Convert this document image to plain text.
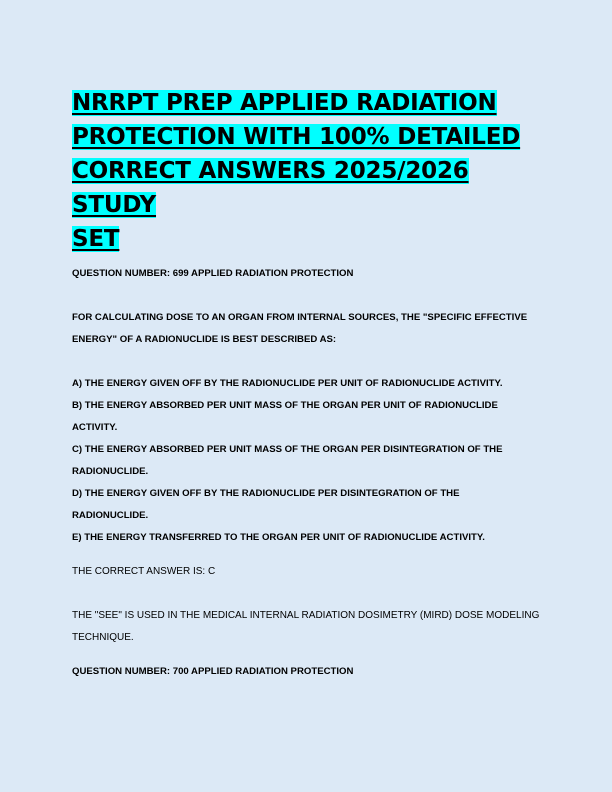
NRRPT PREP APPLIED RADIATION
PROTECTION WITH 100% DETAILED
CORRECT ANSWERS 2025/2026 STUDY
SET
QUESTION NUMBER: 699 APPLIED RADIATION PROTECTION
FOR CALCULATING DOSE TO AN ORGAN FROM INTERNAL SOURCES, THE "SPECIFIC EFFECTIVE
ENERGY" OF A RADIONUCLIDE IS BEST DESCRIBED AS:
A) THE ENERGY GIVEN OFF BY THE RADIONUCLIDE PER UNIT OF RADIONUCLIDE ACTIVITY.
B) THE ENERGY ABSORBED PER UNIT MASS OF THE ORGAN PER UNIT OF RADIONUCLIDE
ACTIVITY.
C) THE ENERGY ABSORBED PER UNIT MASS OF THE ORGAN PER DISINTEGRATION OF THE
RADIONUCLIDE.
D) THE ENERGY GIVEN OFF BY THE RADIONUCLIDE PER DISINTEGRATION OF THE
RADIONUCLIDE.
E) THE ENERGY TRANSFERRED TO THE ORGAN PER UNIT OF RADIONUCLIDE ACTIVITY.
THE CORRECT ANSWER IS: C
THE "SEE" IS USED IN THE MEDICAL INTERNAL RADIATION DOSIMETRY (MIRD) DOSE MODELING
TECHNIQUE.
QUESTION NUMBER: 700 APPLIED RADIATION PROTECTION
